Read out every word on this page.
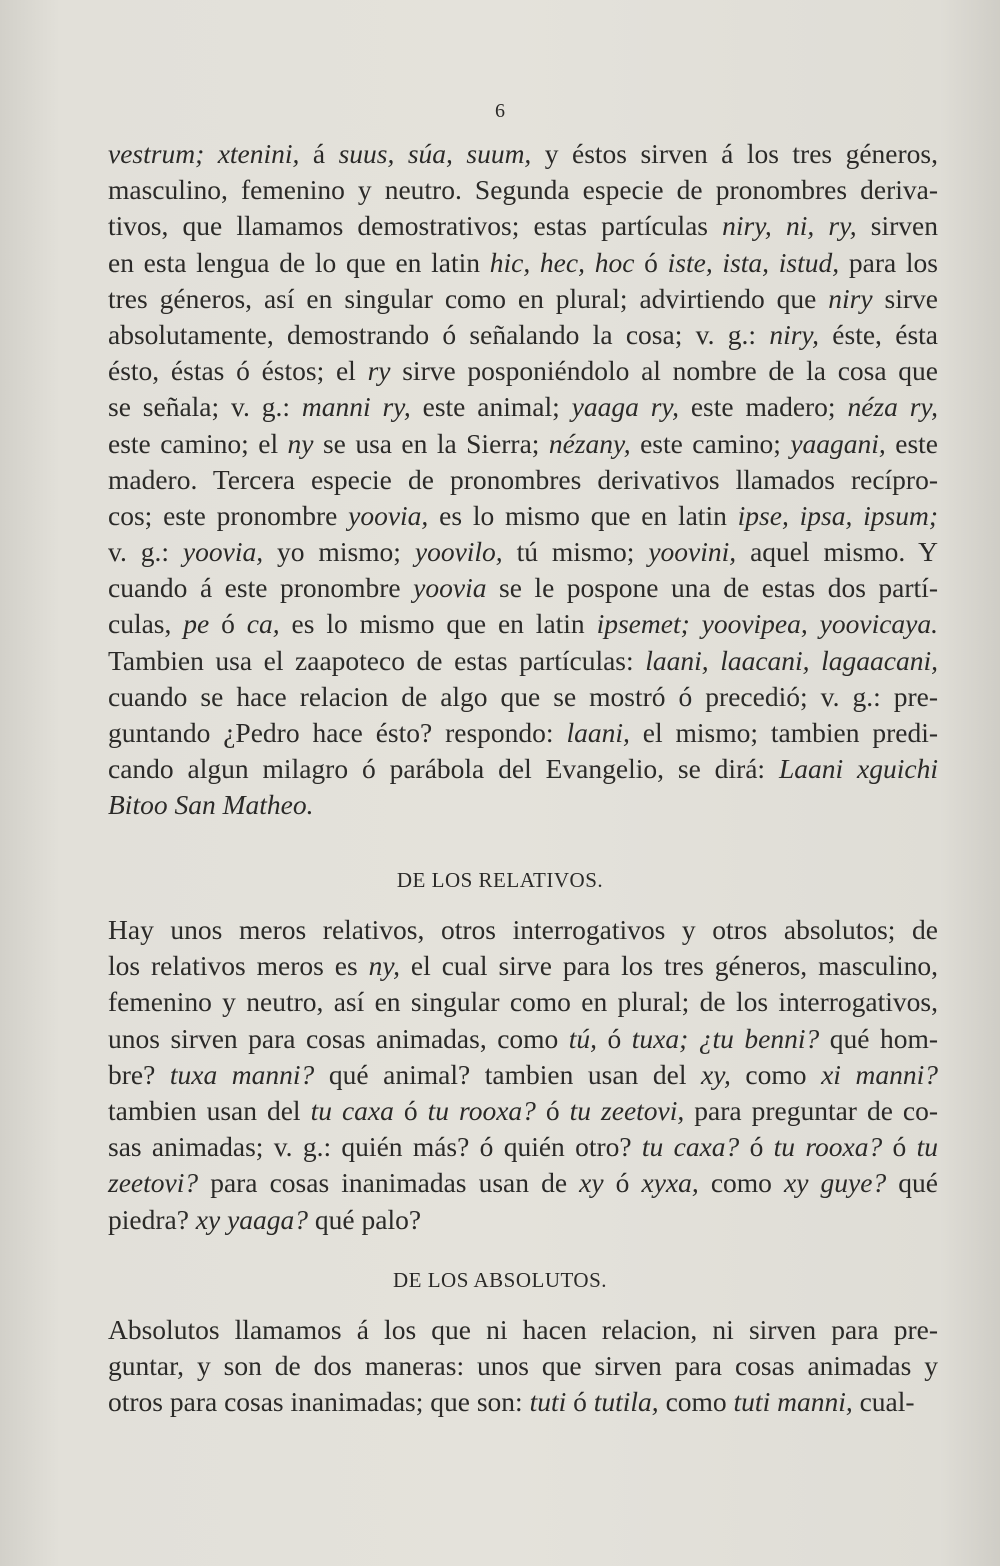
6
vestrum; xtenini, á suus, súa, suum, y éstos sirven á los tres géneros,
masculino, femenino y neutro. Segunda especie de pronombres deriva-
tivos, que llamamos demostrativos; estas partículas niry, ni, ry, sirven
en esta lengua de lo que en latin hic, hec, hoc ó iste, ista, istud, para los
tres géneros, así en singular como en plural; advirtiendo que niry sirve
absolutamente, demostrando ó señalando la cosa; v. g.: niry, éste, ésta
ésto, éstas ó éstos; el ry sirve posponiéndolo al nombre de la cosa que
se señala; v. g.: manni ry, este animal; yaaga ry, este madero; néza ry,
este camino; el ny se usa en la Sierra; nézany, este camino; yaagani, este
madero. Tercera especie de pronombres derivativos llamados recípro-
cos; este pronombre yoovia, es lo mismo que en latin ipse, ipsa, ipsum;
v. g.: yoovia, yo mismo; yoovilo, tú mismo; yoovini, aquel mismo. Y
cuando á este pronombre yoovia se le pospone una de estas dos partí-
culas, pe ó ca, es lo mismo que en latin ipsemet; yoovipea, yoovicaya.
Tambien usa el zaapoteco de estas partículas: laani, laacani, lagaacani,
cuando se hace relacion de algo que se mostró ó precedió; v. g.: pre-
guntando ¿Pedro hace ésto? respondo: laani, el mismo; tambien predi-
cando algun milagro ó parábola del Evangelio, se dirá: Laani xguichi
Bitoo San Matheo.
DE LOS RELATIVOS.
Hay unos meros relativos, otros interrogativos y otros absolutos; de
los relativos meros es ny, el cual sirve para los tres géneros, masculino,
femenino y neutro, así en singular como en plural; de los interrogativos,
unos sirven para cosas animadas, como tú, ó tuxa; ¿tu benni? qué hom-
bre? tuxa manni? qué animal? tambien usan del xy, como xi manni?
tambien usan del tu caxa ó tu rooxa? ó tu zeetovi, para preguntar de co-
sas animadas; v. g.: quién más? ó quién otro? tu caxa? ó tu rooxa? ó tu
zeetovi? para cosas inanimadas usan de xy ó xyxa, como xy guye? qué
piedra? xy yaaga? qué palo?
DE LOS ABSOLUTOS.
Absolutos llamamos á los que ni hacen relacion, ni sirven para pre-
guntar, y son de dos maneras: unos que sirven para cosas animadas y
otros para cosas inanimadas; que son: tuti ó tutila, como tuti manni, cual-
